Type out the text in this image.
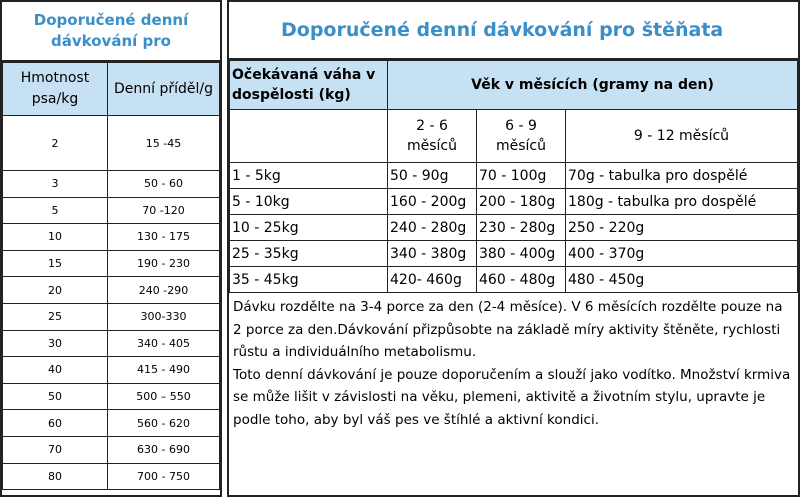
Doporučené denní
dávkování pro
Hmotnost psa/kg	Denní příděl/g
2	15 -45
3	50 - 60
5	70 -120
10	130 - 175
15	190 - 230
20	240 -290
25	300-330
30	340 - 405
40	415 - 490
50	500 – 550
60	560 - 620
70	630 - 690
80	700 - 750
Doporučené denní dávkování pro štěňata
Očekávaná váha v dospělosti (kg)	Věk v měsících (gramy na den)		
	2 - 6 měsíců	6 - 9 měsíců	9 - 12 měsíců
1 - 5kg	50 - 90g	70 - 100g	70g - tabulka pro dospělé
5 - 10kg	160 - 200g	200 - 180g	180g - tabulka pro dospělé
10 - 25kg	240 - 280g	230 - 280g	250 - 220g
25 - 35kg	340 - 380g	380 - 400g	400 - 370g
35 - 45kg	420- 460g	460 - 480g	480 - 450g

Dávku rozdělte na 3-4 porce za den (2-4 měsíce). V 6 měsících rozdělte pouze na 2 porce za den.Dávkování přizpůsobte na základě míry aktivity štěněte, rychlosti růstu a individuálního metabolismu.

Toto denní dávkování je pouze doporučením a slouží jako vodítko. Množství krmiva se může lišit v závislosti na věku, plemeni, aktivitě a životním stylu, upravte je podle toho, aby byl váš pes ve štíhlé a aktivní kondici.
